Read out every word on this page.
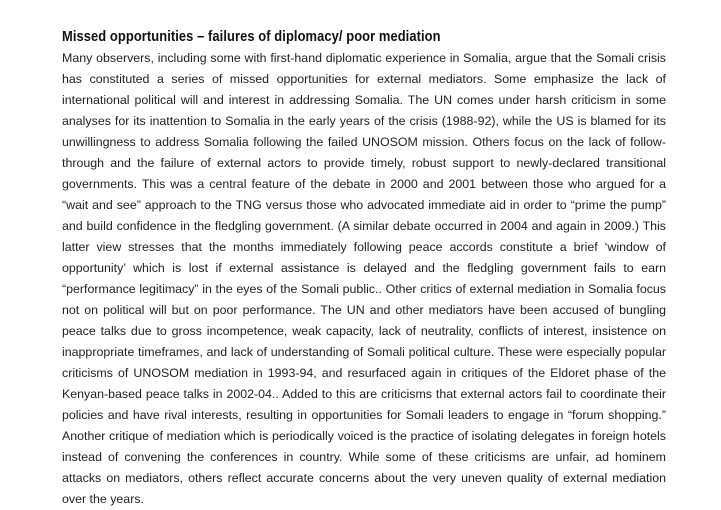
Missed opportunities – failures of diplomacy/ poor mediation

Many observers, including some with first-hand diplomatic experience in Somalia, argue that the Somali crisis has constituted a series of missed opportunities for external mediators. Some emphasize the lack of international political will and interest in addressing Somalia. The UN comes under harsh criticism in some analyses for its inattention to Somalia in the early years of the crisis (1988-92), while the US is blamed for its unwillingness to address Somalia following the failed UNOSOM mission. Others focus on the lack of follow-through and the failure of external actors to provide timely, robust support to newly-declared transitional governments. This was a central feature of the debate in 2000 and 2001 between those who argued for a “wait and see” approach to the TNG versus those who advocated immediate aid in order to “prime the pump” and build confidence in the fledgling government. (A similar debate occurred in 2004 and again in 2009.) This latter view stresses that the months immediately following peace accords constitute a brief ‘window of opportunity’ which is lost if external assistance is delayed and the fledgling government fails to earn “performance legitimacy” in the eyes of the Somali public.. Other critics of external mediation in Somalia focus not on political will but on poor performance. The UN and other mediators have been accused of bungling peace talks due to gross incompetence, weak capacity, lack of neutrality, conflicts of interest, insistence on inappropriate timeframes, and lack of understanding of Somali political culture. These were especially popular criticisms of UNOSOM mediation in 1993-94, and resurfaced again in critiques of the Eldoret phase of the Kenyan-based peace talks in 2002-04.. Added to this are criticisms that external actors fail to coordinate their policies and have rival interests, resulting in opportunities for Somali leaders to engage in “forum shopping.” Another critique of mediation which is periodically voiced is the practice of isolating delegates in foreign hotels instead of convening the conferences in country. While some of these criticisms are unfair, ad hominem attacks on mediators, others reflect accurate concerns about the very uneven quality of external mediation over the years.
